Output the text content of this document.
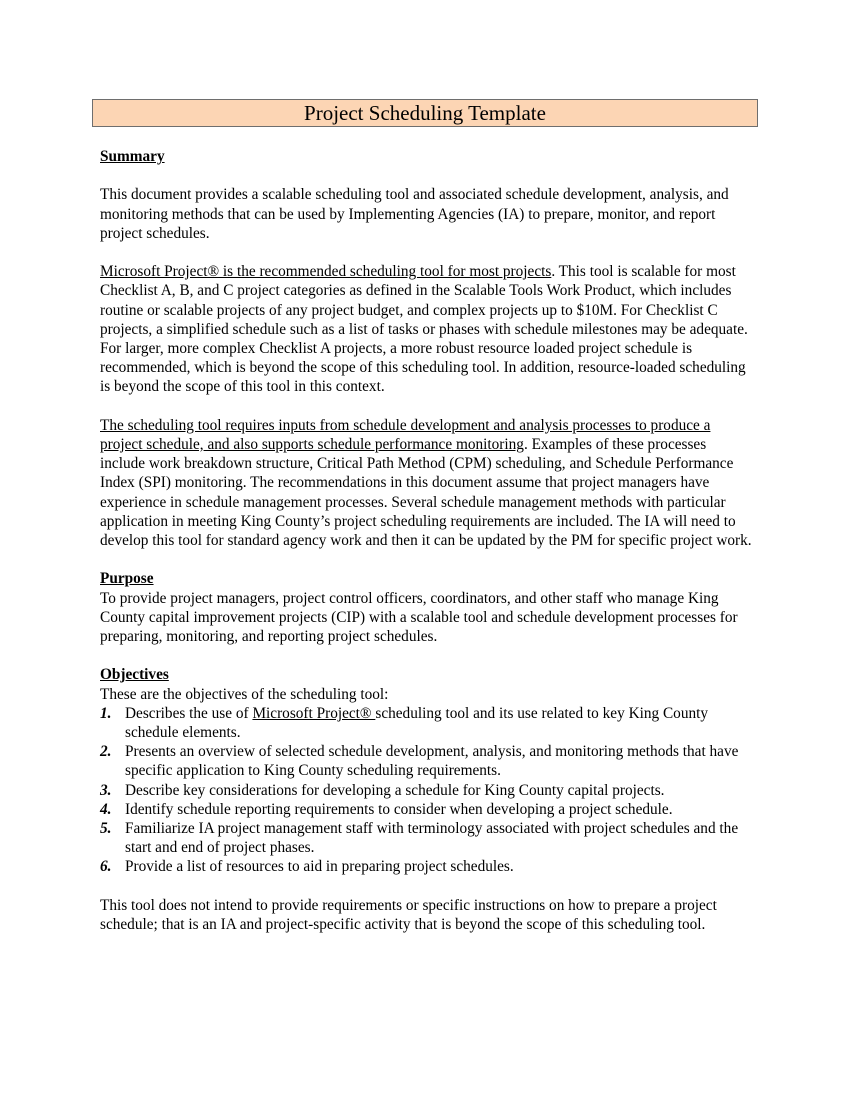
Project Scheduling Template

Summary

This document provides a scalable scheduling tool and associated schedule development, analysis, and monitoring methods that can be used by Implementing Agencies (IA) to prepare, monitor, and report project schedules.

Microsoft Project® is the recommended scheduling tool for most projects. This tool is scalable for most Checklist A, B, and C project categories as defined in the Scalable Tools Work Product, which includes routine or scalable projects of any project budget, and complex projects up to $10M. For Checklist C projects, a simplified schedule such as a list of tasks or phases with schedule milestones may be adequate. For larger, more complex Checklist A projects, a more robust resource loaded project schedule is recommended, which is beyond the scope of this scheduling tool. In addition, resource-loaded scheduling is beyond the scope of this tool in this context.

The scheduling tool requires inputs from schedule development and analysis processes to produce a project schedule, and also supports schedule performance monitoring. Examples of these processes include work breakdown structure, Critical Path Method (CPM) scheduling, and Schedule Performance Index (SPI) monitoring. The recommendations in this document assume that project managers have experience in schedule management processes. Several schedule management methods with particular application in meeting King County’s project scheduling requirements are included. The IA will need to develop this tool for standard agency work and then it can be updated by the PM for specific project work.

Purpose

To provide project managers, project control officers, coordinators, and other staff who manage King County capital improvement projects (CIP) with a scalable tool and schedule development processes for preparing, monitoring, and reporting project schedules.

Objectives

These are the objectives of the scheduling tool:

1. Describes the use of Microsoft Project® scheduling tool and its use related to key King County schedule elements.
2. Presents an overview of selected schedule development, analysis, and monitoring methods that have specific application to King County scheduling requirements.
3. Describe key considerations for developing a schedule for King County capital projects.
4. Identify schedule reporting requirements to consider when developing a project schedule.
5. Familiarize IA project management staff with terminology associated with project schedules and the start and end of project phases.
6. Provide a list of resources to aid in preparing project schedules.

This tool does not intend to provide requirements or specific instructions on how to prepare a project schedule; that is an IA and project-specific activity that is beyond the scope of this scheduling tool.
